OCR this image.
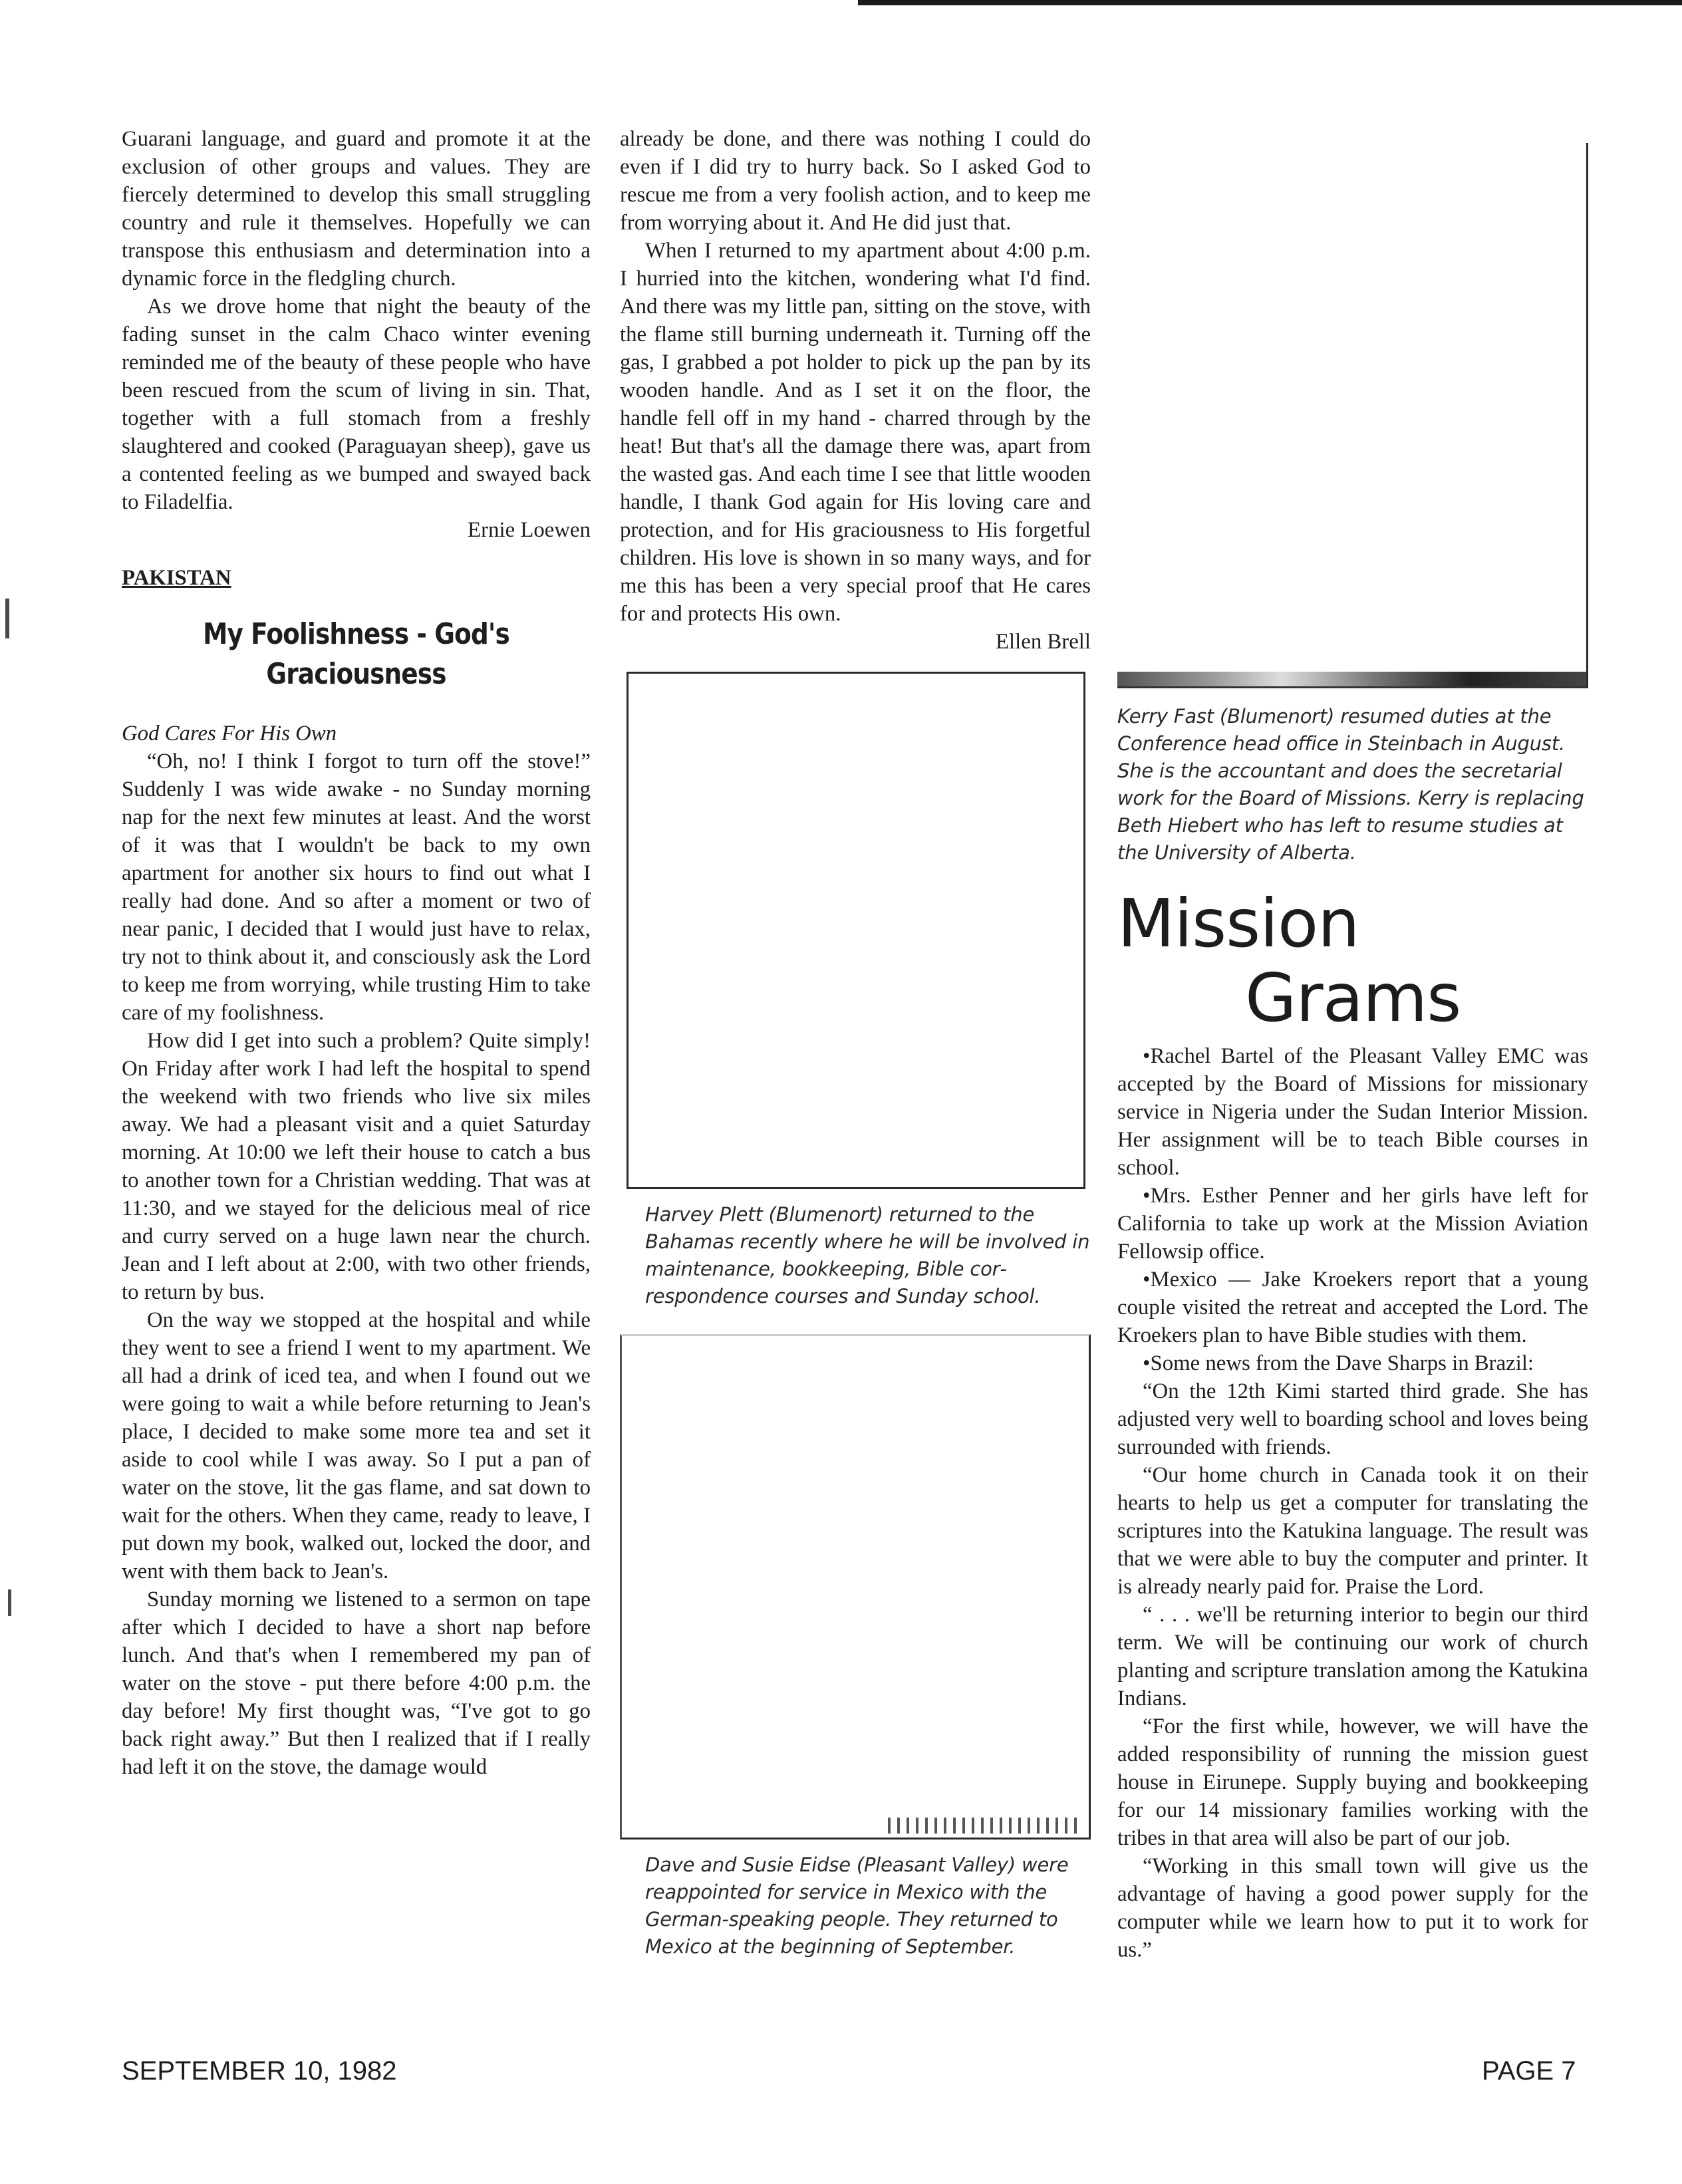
Guarani language, and guard and promote it at the exclusion of other groups and values. They are fiercely determined to develop this small struggling country and rule it themselves. Hopefully we can transpose this enthusiasm and determination into a dynamic force in the fledgling church.

As we drove home that night the beauty of the fading sunset in the calm Chaco winter evening reminded me of the beauty of these people who have been rescued from the scum of living in sin. That, together with a full stomach from a freshly slaughtered and cooked (Paraguayan sheep), gave us a contented feeling as we bumped and swayed back to Filadelfia.

Ernie Loewen

PAKISTAN

My Foolishness - God's Graciousness

God Cares For His Own

“Oh, no! I think I forgot to turn off the stove!” Suddenly I was wide awake - no Sunday morning nap for the next few minutes at least. And the worst of it was that I wouldn't be back to my own apartment for another six hours to find out what I really had done. And so after a moment or two of near panic, I decided that I would just have to relax, try not to think about it, and consciously ask the Lord to keep me from worrying, while trusting Him to take care of my foolishness.

How did I get into such a problem? Quite simply! On Friday after work I had left the hospital to spend the weekend with two friends who live six miles away. We had a pleasant visit and a quiet Saturday morning. At 10:00 we left their house to catch a bus to another town for a Christian wedding. That was at 11:30, and we stayed for the delicious meal of rice and curry served on a huge lawn near the church. Jean and I left about at 2:00, with two other friends, to return by bus.

On the way we stopped at the hospital and while they went to see a friend I went to my apartment. We all had a drink of iced tea, and when I found out we were going to wait a while before returning to Jean's place, I decided to make some more tea and set it aside to cool while I was away. So I put a pan of water on the stove, lit the gas flame, and sat down to wait for the others. When they came, ready to leave, I put down my book, walked out, locked the door, and went with them back to Jean's.

Sunday morning we listened to a sermon on tape after which I decided to have a short nap before lunch. And that's when I remembered my pan of water on the stove - put there before 4:00 p.m. the day before! My first thought was, “I've got to go back right away.” But then I realized that if I really had left it on the stove, the damage would

already be done, and there was nothing I could do even if I did try to hurry back. So I asked God to rescue me from a very foolish action, and to keep me from worrying about it. And He did just that.

When I returned to my apartment about 4:00 p.m. I hurried into the kitchen, wondering what I'd find. And there was my little pan, sitting on the stove, with the flame still burning underneath it. Turning off the gas, I grabbed a pot holder to pick up the pan by its wooden handle. And as I set it on the floor, the handle fell off in my hand - charred through by the heat! But that's all the damage there was, apart from the wasted gas. And each time I see that little wooden handle, I thank God again for His loving care and protection, and for His graciousness to His forgetful children. His love is shown in so many ways, and for me this has been a very special proof that He cares for and protects His own.

Ellen Brell

Harvey Plett (Blumenort) returned to the Bahamas recently where he will be involved in maintenance, bookkeeping, Bible correspondence courses and Sunday school.

Dave and Susie Eidse (Pleasant Valley) were reappointed for service in Mexico with the German-speaking people. They returned to Mexico at the beginning of September.

Kerry Fast (Blumenort) resumed duties at the Conference head office in Steinbach in August. She is the accountant and does the secretarial work for the Board of Missions. Kerry is replacing Beth Hiebert who has left to resume studies at the University of Alberta.

Mission
Grams

•Rachel Bartel of the Pleasant Valley EMC was accepted by the Board of Missions for missionary service in Nigeria under the Sudan Interior Mission. Her assignment will be to teach Bible courses in school.

•Mrs. Esther Penner and her girls have left for California to take up work at the Mission Aviation Fellowsip office.

•Mexico — Jake Kroekers report that a young couple visited the retreat and accepted the Lord. The Kroekers plan to have Bible studies with them.

•Some news from the Dave Sharps in Brazil:

“On the 12th Kimi started third grade. She has adjusted very well to boarding school and loves being surrounded with friends.

“Our home church in Canada took it on their hearts to help us get a computer for translating the scriptures into the Katukina language. The result was that we were able to buy the computer and printer. It is already nearly paid for. Praise the Lord.

“ . . . we'll be returning interior to begin our third term. We will be continuing our work of church planting and scripture translation among the Katukina Indians.

“For the first while, however, we will have the added responsibility of running the mission guest house in Eirunepe. Supply buying and bookkeeping for our 14 missionary families working with the tribes in that area will also be part of our job.

“Working in this small town will give us the advantage of having a good power supply for the computer while we learn how to put it to work for us.”

SEPTEMBER 10, 1982	PAGE 7
